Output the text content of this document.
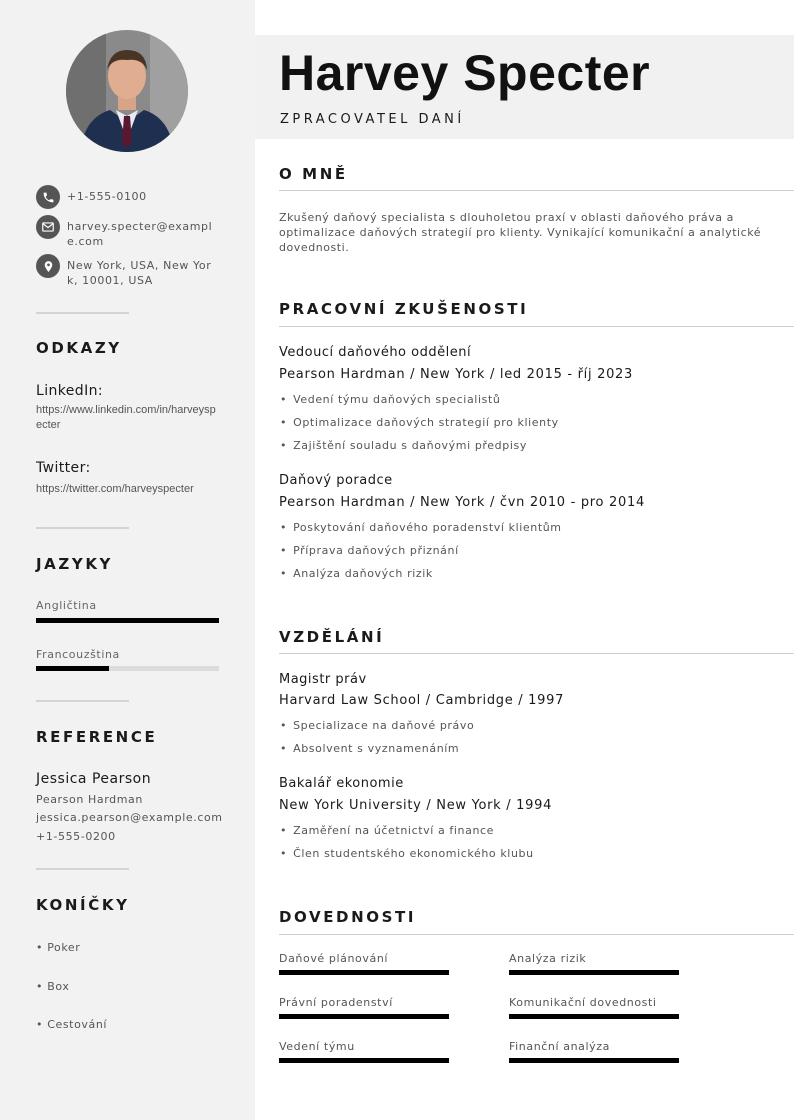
+1-555-0100
harvey.specter@example.com
New York, USA, New York, 10001, USA
ODKAZY
LinkedIn:
https://www.linkedin.com/in/harveyspecter
Twitter:
https://twitter.com/harveyspecter
JAZYKY
Angličtina
Francouzština
REFERENCE
Jessica Pearson
Pearson Hardman
jessica.pearson@example.com
+1-555-0200
KONÍČKY
• Poker
• Box
• Cestování
Harvey Specter
ZPRACOVATEL DANÍ
O MNĚ
Zkušený daňový specialista s dlouholetou praxí v oblasti daňového práva a optimalizace daňových strategií pro klienty. Vynikající komunikační a analytické dovednosti.
PRACOVNÍ ZKUŠENOSTI
Vedoucí daňového oddělení
Pearson Hardman / New York / led 2015 - říj 2023
• Vedení týmu daňových specialistů
• Optimalizace daňových strategií pro klienty
• Zajištění souladu s daňovými předpisy
Daňový poradce
Pearson Hardman / New York / čvn 2010 - pro 2014
• Poskytování daňového poradenství klientům
• Příprava daňových přiznání
• Analýza daňových rizik
VZDĚLÁNÍ
Magistr práv
Harvard Law School / Cambridge / 1997
• Specializace na daňové právo
• Absolvent s vyznamenáním
Bakalář ekonomie
New York University / New York / 1994
• Zaměření na účetnictví a finance
• Člen studentského ekonomického klubu
DOVEDNOSTI
Daňové plánování	Analýza rizik
Právní poradenství	Komunikační dovednosti
Vedení týmu	Finanční analýza
